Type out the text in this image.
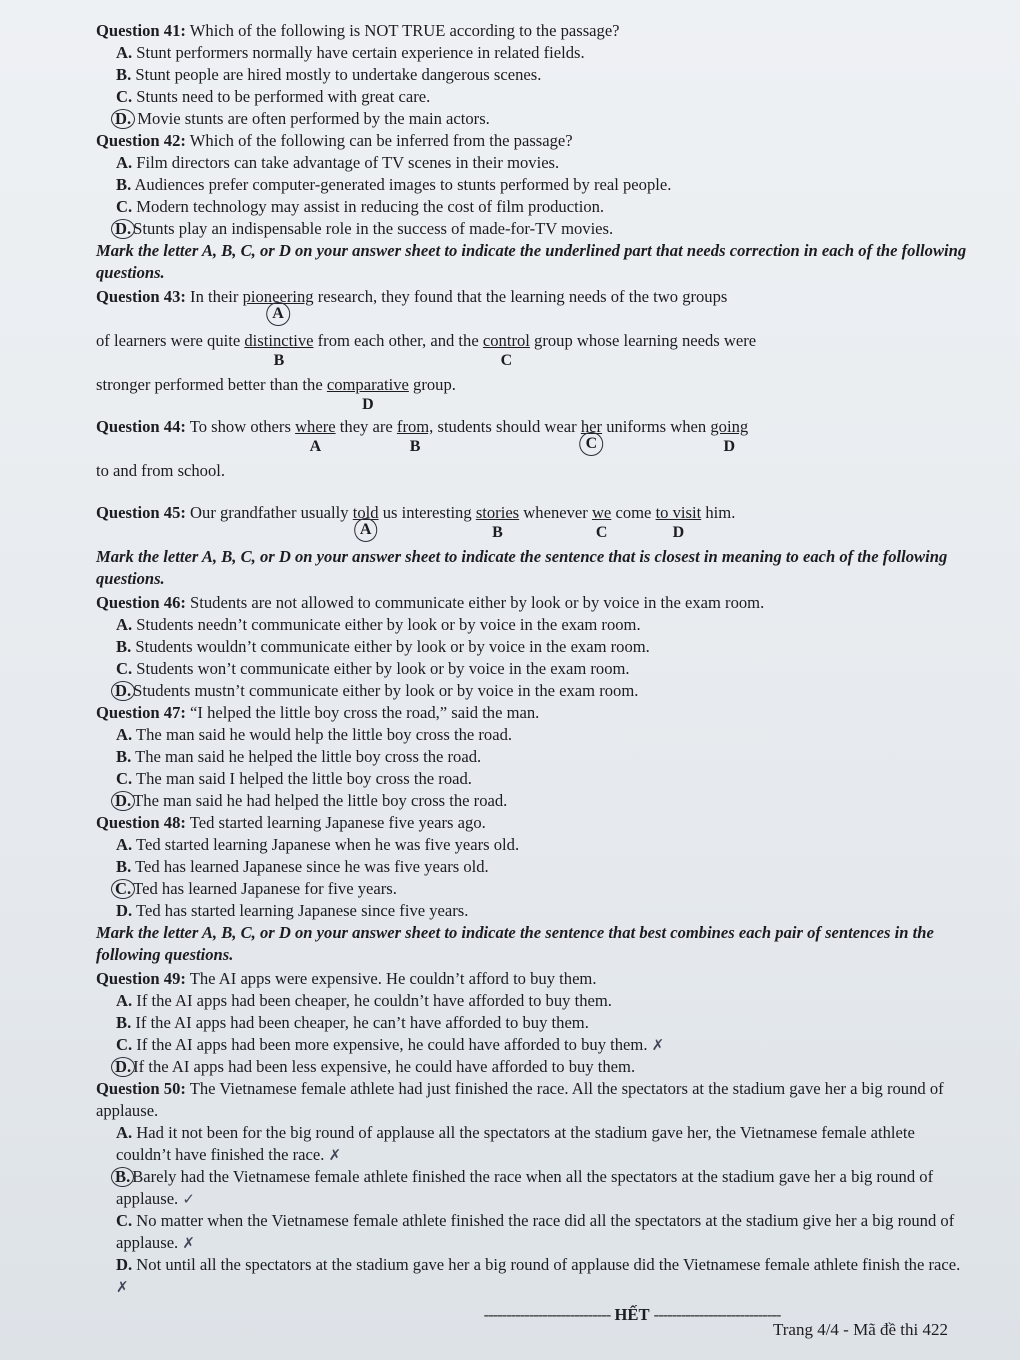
Question 41: Which of the following is NOT TRUE according to the passage?
A. Stunt performers normally have certain experience in related fields.
B. Stunt people are hired mostly to undertake dangerous scenes.
C. Stunts need to be performed with great care.
D. Movie stunts are often performed by the main actors.
Question 42: Which of the following can be inferred from the passage?
A. Film directors can take advantage of TV scenes in their movies.
B. Audiences prefer computer-generated images to stunts performed by real people.
C. Modern technology may assist in reducing the cost of film production.
D. Stunts play an indispensable role in the success of made-for-TV movies.
Mark the letter A, B, C, or D on your answer sheet to indicate the underlined part that needs correction in each of the following questions.
Question 43: In their pioneering
A
research, they found that the learning needs of the two groups
of learners were quite distinctive
B
from each other, and the control
C
group whose learning needs were
stronger performed better than the comparative
D
group.
Question 44: To show others where
A
they are from,
B
students should wear her
C
uniforms when going
D
to and from school.
Question 45: Our grandfather usually told
A
us interesting stories
B
whenever $\frac{we}{C}$ come to visit
D
him.
Mark the letter A, B, C, or D on your answer sheet to indicate the sentence that is closest in meaning to each of the following questions.
Question 46: Students are not allowed to communicate either by look or by voice in the exam room.
A. Students needn’t communicate either by look or by voice in the exam room.
B. Students wouldn’t communicate either by look or by voice in the exam room.
C. Students won’t communicate either by look or by voice in the exam room.
D. Students mustn’t communicate either by look or by voice in the exam room.
Question 47: “I helped the little boy cross the road,” said the man.
A. The man said he would help the little boy cross the road.
B. The man said he helped the little boy cross the road.
C. The man said I helped the little boy cross the road.
D. The man said he had helped the little boy cross the road.
Question 48: Ted started learning Japanese five years ago.
A. Ted started learning Japanese when he was five years old.
B. Ted has learned Japanese since he was five years old.
C. Ted has learned Japanese for five years.
D. Ted has started learning Japanese since five years.
Mark the letter A, B, C, or D on your answer sheet to indicate the sentence that best combines each pair of sentences in the following questions.
Question 49: The AI apps were expensive. He couldn’t afford to buy them.
A. If the AI apps had been cheaper, he couldn’t have afforded to buy them.
B. If the AI apps had been cheaper, he can’t have afforded to buy them.
C. If the AI apps had been more expensive, he could have afforded to buy them. ✗
D. If the AI apps had been less expensive, he could have afforded to buy them.
Question 50: The Vietnamese female athlete had just finished the race. All the spectators at the stadium gave her a big round of applause.
A. Had it not been for the big round of applause all the spectators at the stadium gave her, the Vietnamese female athlete couldn’t have finished the race. ✗
B. Barely had the Vietnamese female athlete finished the race when all the spectators at the stadium gave her a big round of applause. ✓
C. No matter when the Vietnamese female athlete finished the race did all the spectators at the stadium give her a big round of applause. ✗
D. Not until all the spectators at the stadium gave her a big round of applause did the Vietnamese female athlete finish the race. ✗
---------------------------- HẾT ----------------------------
Trang 4/4 - Mã đề thi 422
